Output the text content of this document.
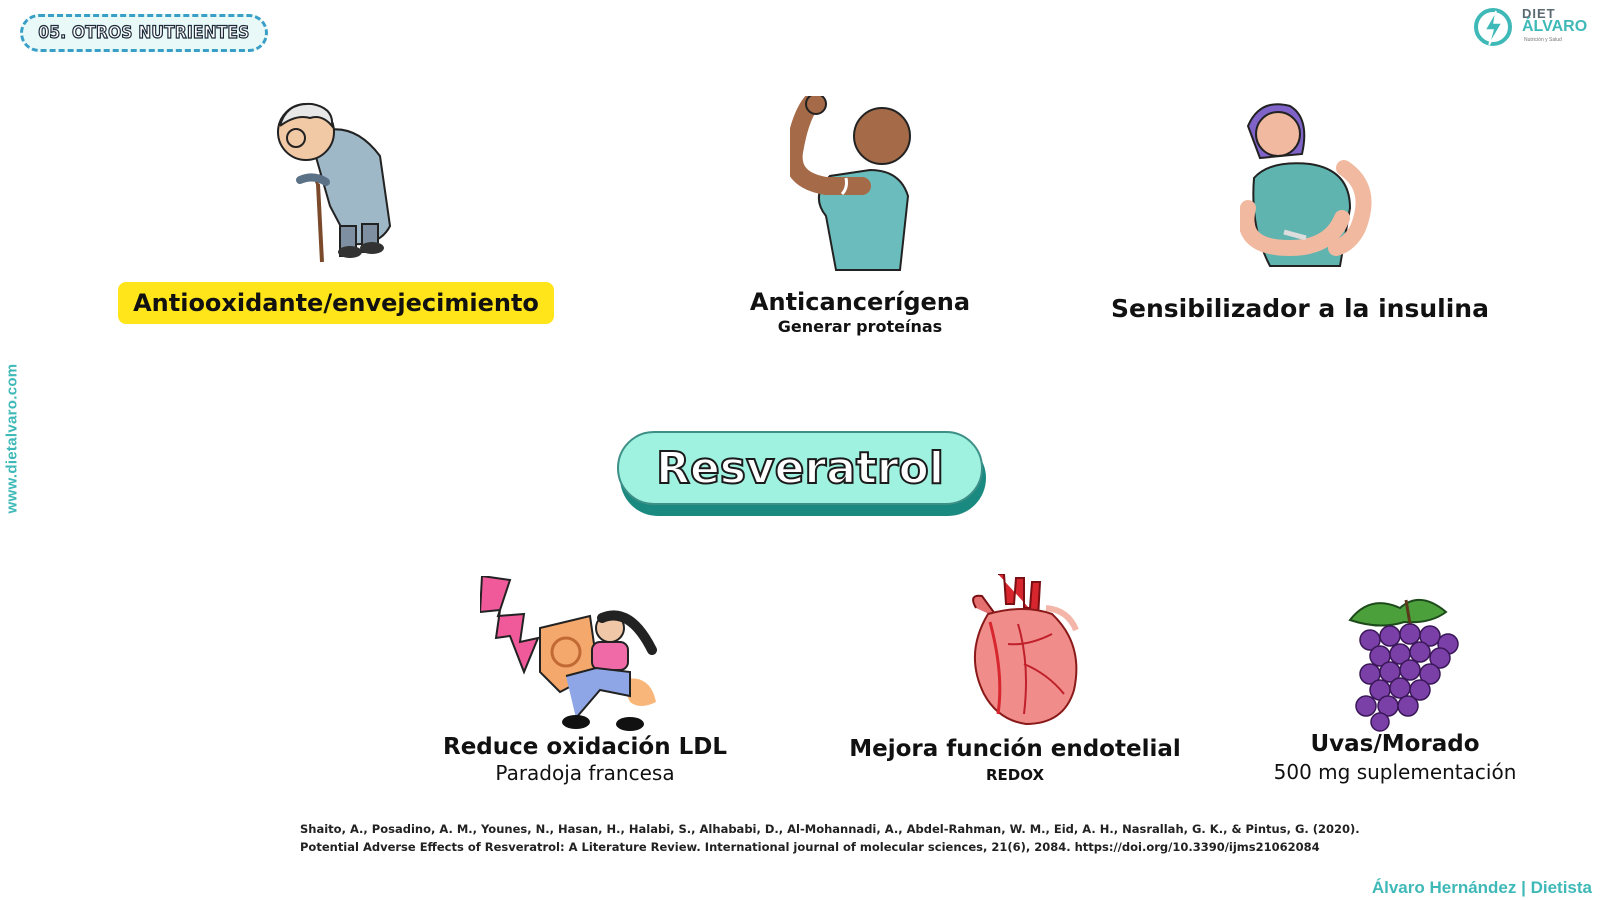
05. OTROS NUTRIENTES
DIET
ÁLVARO
Nutrición y Salud
www.dietalvaro.com
Antiooxidante/envejecimiento	Anticancerígena
Generar proteínas
Sensibilizador a la insulina
Resveratrol
Reduce oxidación LDL
Paradoja francesa
Mejora función endotelial
REDOX
Uvas/Morado
500 mg suplementación
Shaito, A., Posadino, A. M., Younes, N., Hasan, H., Halabi, S., Alhababi, D., Al-Mohannadi, A., Abdel-Rahman, W. M., Eid, A. H., Nasrallah, G. K., & Pintus, G. (2020).
Potential Adverse Effects of Resveratrol: A Literature Review. International journal of molecular sciences, 21(6), 2084. https://doi.org/10.3390/ijms21062084
Álvaro Hernández | Dietista
